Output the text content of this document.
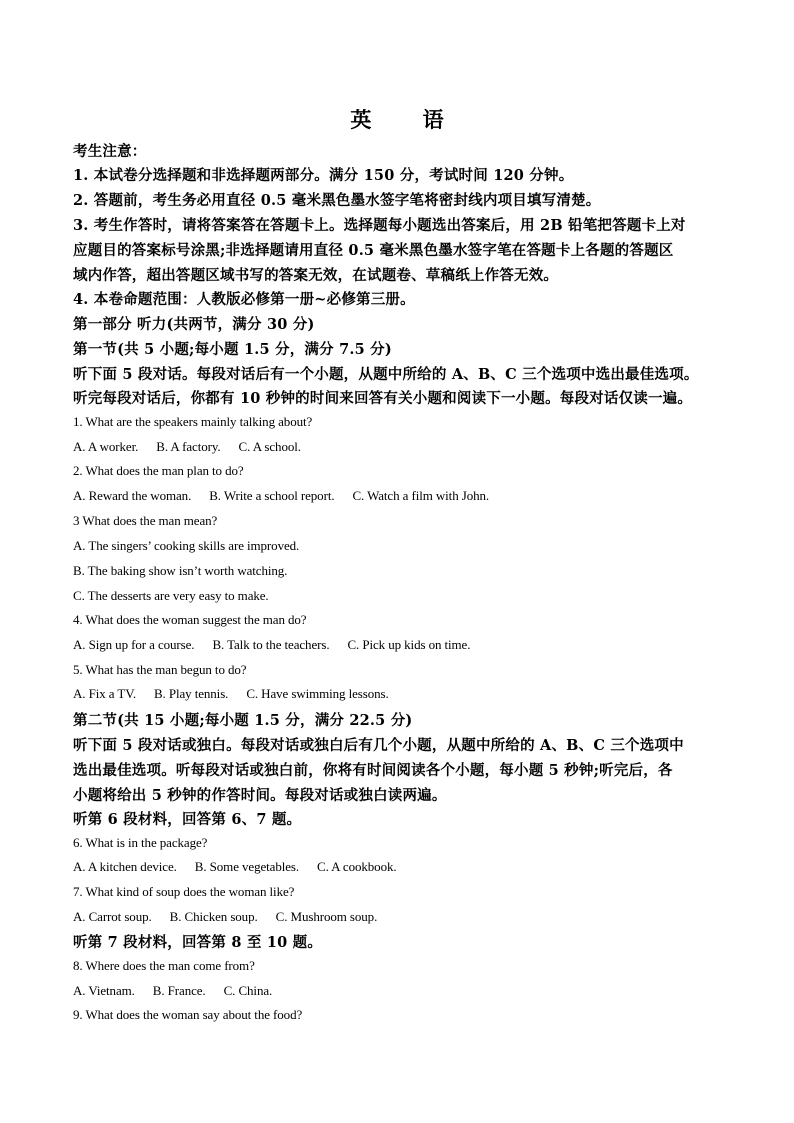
英 语
考生注意：
1. 本试卷分选择题和非选择题两部分。满分 150 分，考试时间 120 分钟。
2. 答题前，考生务必用直径 0.5 毫米黑色墨水签字笔将密封线内项目填写清楚。
3. 考生作答时，请将答案答在答题卡上。选择题每小题选出答案后，用 2B 铅笔把答题卡上对
应题目的答案标号涂黑;非选择题请用直径 0.5 毫米黑色墨水签字笔在答题卡上各题的答题区
域内作答，超出答题区域书写的答案无效，在试题卷、草稿纸上作答无效。
4. 本卷命题范围：人教版必修第一册~必修第三册。
第一部分 听力(共两节，满分 30 分)
第一节(共 5 小题;每小题 1.5 分，满分 7.5 分)
听下面 5 段对话。每段对话后有一个小题，从题中所给的 A、B、C 三个选项中选出最佳选项。
听完每段对话后，你都有 10 秒钟的时间来回答有关小题和阅读下一小题。每段对话仅读一遍。
1. What are the speakers mainly talking about?
A. A worker. B. A factory. C. A school.
2. What does the man plan to do?
A. Reward the woman. B. Write a school report. C. Watch a film with John.
3 What does the man mean?
A. The singers’ cooking skills are improved.
B. The baking show isn’t worth watching.
C. The desserts are very easy to make.
4. What does the woman suggest the man do?
A. Sign up for a course. B. Talk to the teachers. C. Pick up kids on time.
5. What has the man begun to do?
A. Fix a TV. B. Play tennis. C. Have swimming lessons.
第二节(共 15 小题;每小题 1.5 分，满分 22.5 分)
听下面 5 段对话或独白。每段对话或独白后有几个小题，从题中所给的 A、B、C 三个选项中
选出最佳选项。听每段对话或独白前，你将有时间阅读各个小题，每小题 5 秒钟;听完后，各
小题将给出 5 秒钟的作答时间。每段对话或独白读两遍。
听第 6 段材料，回答第 6、7 题。
6. What is in the package?
A. A kitchen device. B. Some vegetables. C. A cookbook.
7. What kind of soup does the woman like?
A. Carrot soup. B. Chicken soup. C. Mushroom soup.
听第 7 段材料，回答第 8 至 10 题。
8. Where does the man come from?
A. Vietnam. B. France. C. China.
9. What does the woman say about the food?
